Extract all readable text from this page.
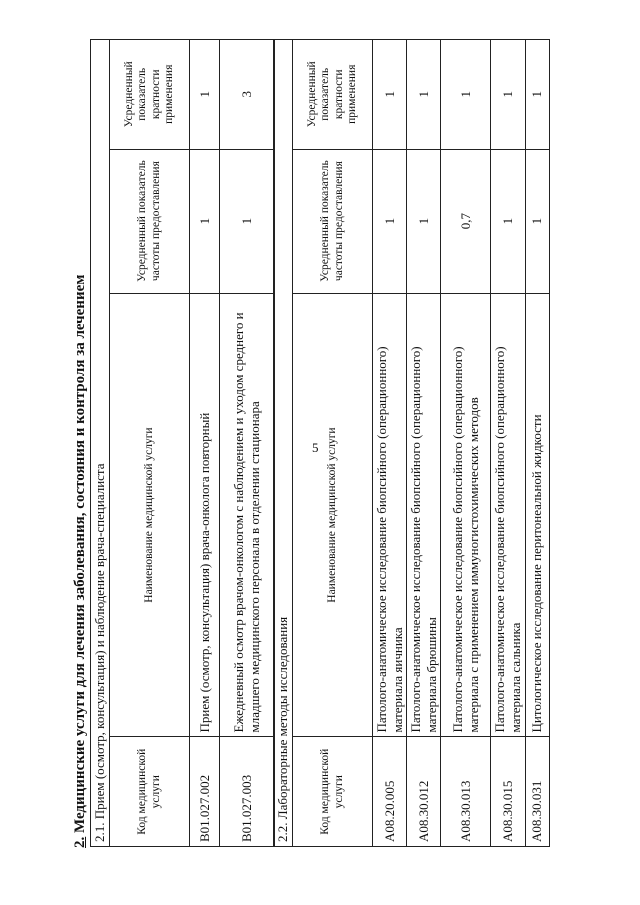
5
2. Медицинские услуги для лечения заболевания, состояния и контроля за лечением 2.1. Прием (осмотр, консультация) и наблюдение врача-специалиста			
Код медицинской услуги	Наименование медицинской услуги	Усредненный показатель частоты предоставления	Усредненный показатель кратности применения
B01.027.002	Прием (осмотр, консультация) врача-онколога повторный	1	1
B01.027.003	Ежедневный осмотр врачом-онкологом с наблюдением и уходом среднего и младшего медицинского персонала в отделении стационара	1	3
2.2. Лабораторные методы исследования			
Код медицинской услуги	Наименование медицинской услуги	Усредненный показатель частоты предоставления	Усредненный показатель кратности применения
A08.20.005	Патолого-анатомическое исследование биопсийного (операционного) материала яичника	1	1
A08.30.012	Патолого-анатомическое исследование биопсийного (операционного) материала брюшины	1	1
A08.30.013	Патолого-анатомическое исследование биопсийного (операционного) материала с применением иммуногистохимических методов	0,7	1
A08.30.015	Патолого-анатомическое исследование биопсийного (операционного) материала сальника	1	1
A08.30.031	Цитологическое исследование перитонеальной жидкости	1	1
